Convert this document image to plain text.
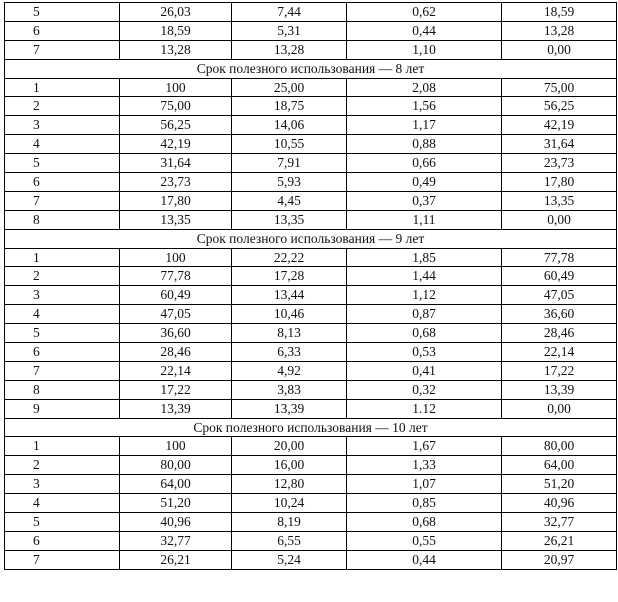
5	26,03	7,44	0,62	18,59
6	18,59	5,31	0,44	13,28
7	13,28	13,28	1,10	0,00
Срок полезного использования — 8 лет				
1	100	25,00	2,08	75,00
2	75,00	18,75	1,56	56,25
3	56,25	14,06	1,17	42,19
4	42,19	10,55	0,88	31,64
5	31,64	7,91	0,66	23,73
6	23,73	5,93	0,49	17,80
7	17,80	4,45	0,37	13,35
8	13,35	13,35	1,11	0,00
Срок полезного использования — 9 лет				
1	100	22,22	1,85	77,78
2	77,78	17,28	1,44	60,49
3	60,49	13,44	1,12	47,05
4	47,05	10,46	0,87	36,60
5	36,60	8,13	0,68	28,46
6	28,46	6,33	0,53	22,14
7	22,14	4,92	0,41	17,22
8	17,22	3,83	0,32	13,39
9	13,39	13,39	1.12	0,00
Срок полезного использования — 10 лет				
1	100	20,00	1,67	80,00
2	80,00	16,00	1,33	64,00
3	64,00	12,80	1,07	51,20
4	51,20	10,24	0,85	40,96
5	40,96	8,19	0,68	32,77
6	32,77	6,55	0,55	26,21
7	26,21	5,24	0,44	20,97
